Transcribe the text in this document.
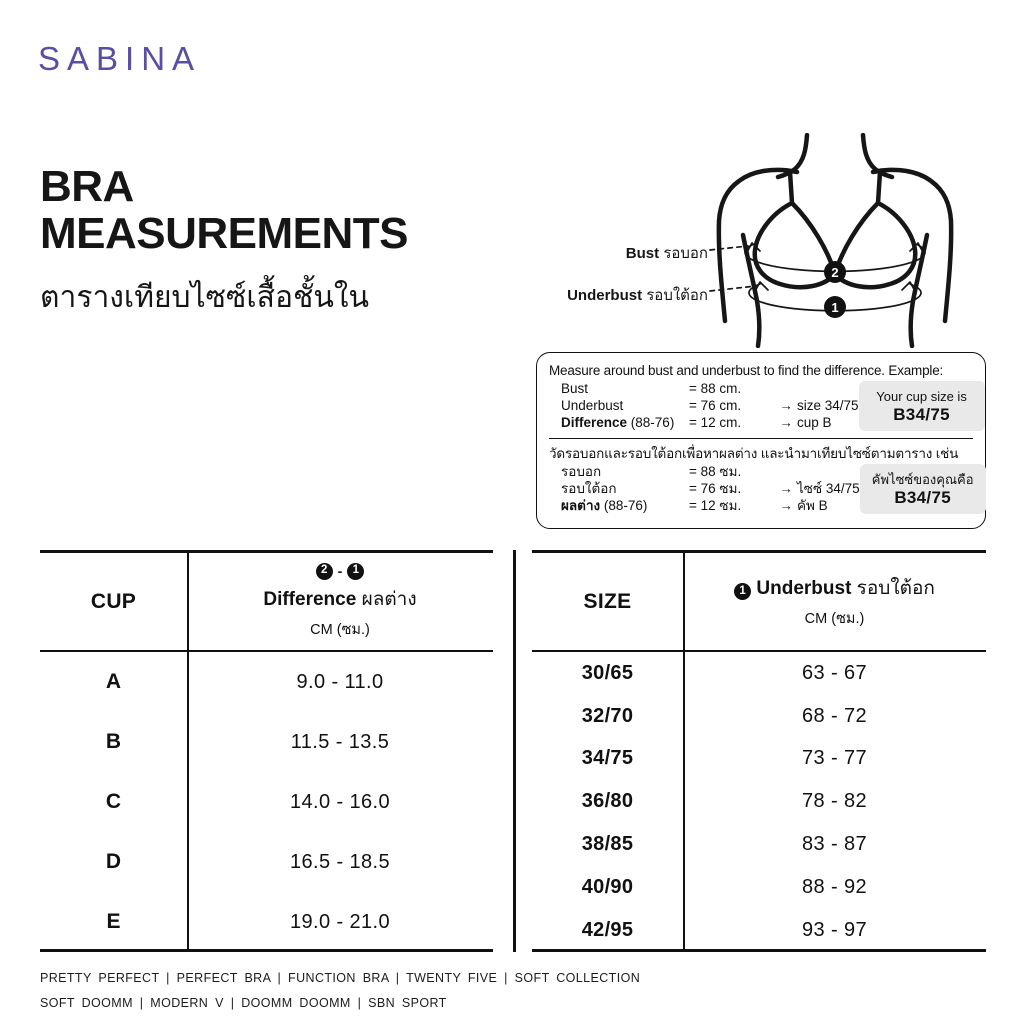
SABINA
BRA
MEASUREMENTS
ตารางเทียบไซซ์เสื้อชั้นใน
2
1
Bust รอบอก
Underbust รอบใต้อก
Measure around bust and underbust to find the difference. Example:
Bust	= 88 cm.
Underbust	= 76 cm.	→ size 34/75
Difference (88-76)	= 12 cm.	→ cup B
Your cup size is
B34/75
วัดรอบอกและรอบใต้อกเพื่อหาผลต่าง และนำมาเทียบไซซ์ตามตาราง เช่น
รอบอก	= 88 ซม.
รอบใต้อก	= 76 ซม.	→ ไซซ์ 34/75
ผลต่าง (88-76)	= 12 ซม.	→ คัพ B
คัพไซซ์ของคุณคือ
B34/75
CUP
2 - 1
Difference ผลต่าง
CM (ซม.)
A	9.0 - 11.0
B	11.5 - 13.5
C	14.0 - 16.0
D	16.5 - 18.5
E	19.0 - 21.0
SIZE	1 Underbust รอบใต้อก
CM (ซม.)
30/65	63 - 67
32/70	68 - 72
34/75	73 - 77
36/80	78 - 82
38/85	83 - 87
40/90	88 - 92
42/95	93 - 97
PRETTY PERFECT | PERFECT BRA | FUNCTION BRA | TWENTY FIVE | SOFT COLLECTION
SOFT DOOMM | MODERN V | DOOMM DOOMM | SBN SPORT
